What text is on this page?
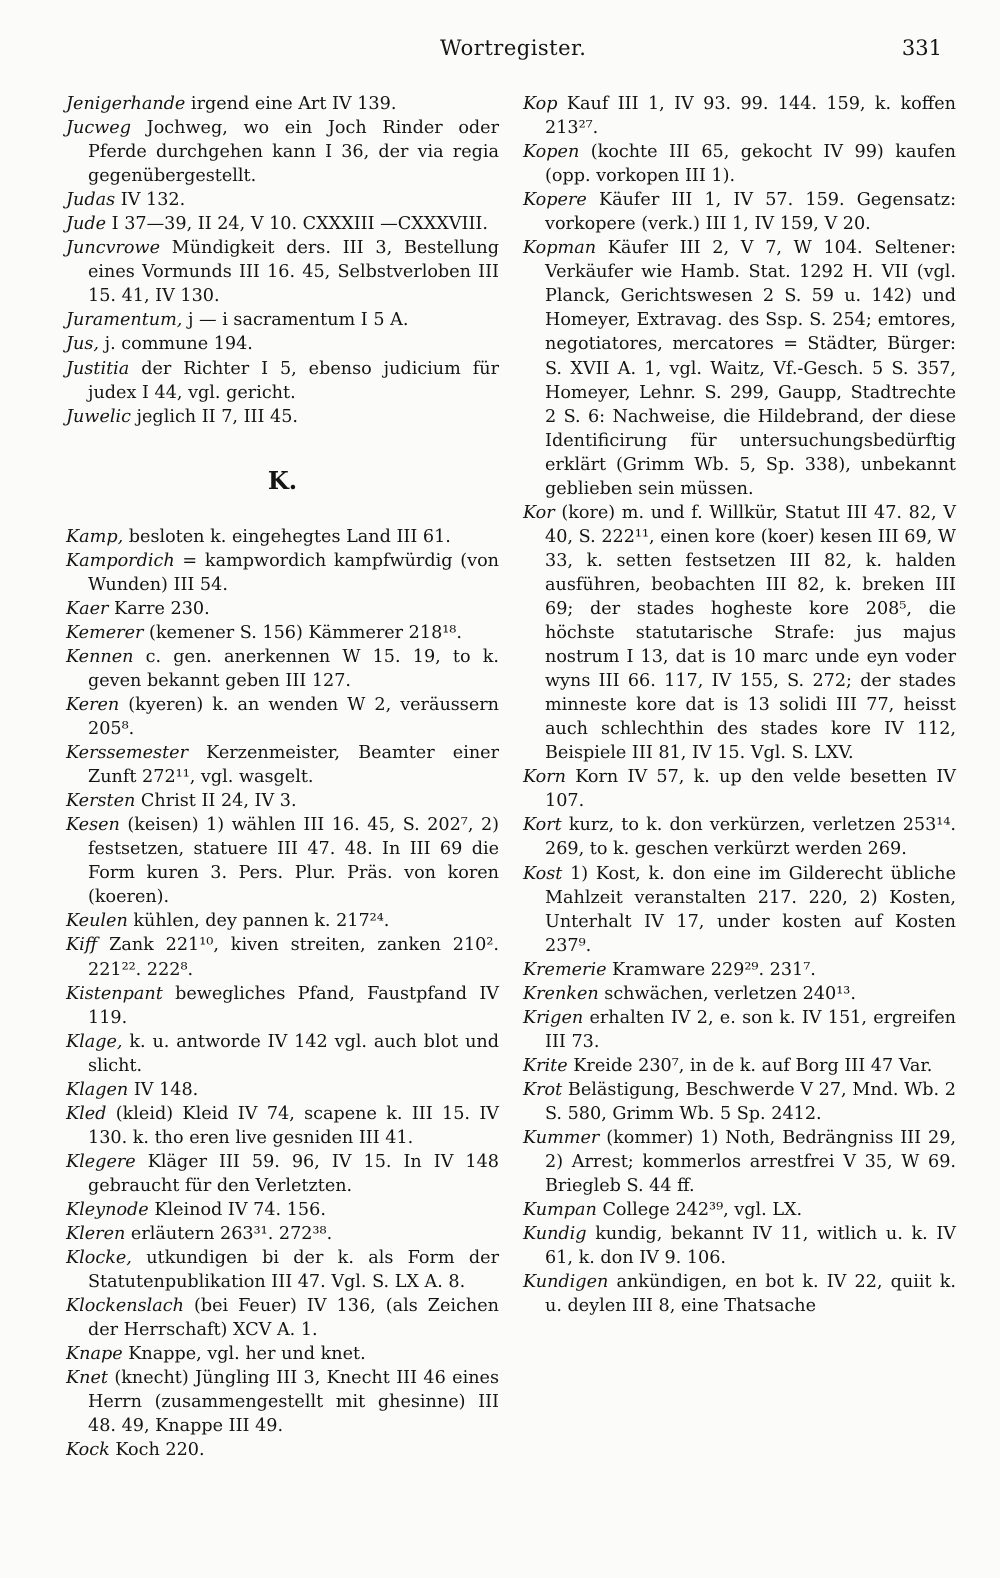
Wortregister.	331

Jenigerhande irgend eine Art IV 139.

Jucweg Jochweg, wo ein Joch Rinder oder Pferde durchgehen kann I 36, der via regia gegenübergestellt.

Judas IV 132.

Jude I 37—39, II 24, V 10. CXXXIII —CXXXVIII.

Juncvrowe Mündigkeit ders. III 3, Bestellung eines Vormunds III 16. 45, Selbstverloben III 15. 41, IV 130.

Juramentum, j — i sacramentum I 5 A.

Jus, j. commune 194.

Justitia der Richter I 5, ebenso judicium für judex I 44, vgl. gericht.

Juwelic jeglich II 7, III 45.

K.

Kamp, besloten k. eingehegtes Land III 61.

Kampordich = kampwordich kampfwürdig (von Wunden) III 54.

Kaer Karre 230.

Kemerer (kemener S. 156) Kämmerer 218¹⁸.

Kennen c. gen. anerkennen W 15. 19, to k. geven bekannt geben III 127.

Keren (kyeren) k. an wenden W 2, veräussern 205⁸.

Kerssemester Kerzenmeister, Beamter einer Zunft 272¹¹, vgl. wasgelt.

Kersten Christ II 24, IV 3.

Kesen (keisen) 1) wählen III 16. 45, S. 202⁷, 2) festsetzen, statuere III 47. 48. In III 69 die Form kuren 3. Pers. Plur. Präs. von koren (koeren).

Keulen kühlen, dey pannen k. 217²⁴.

Kiff Zank 221¹⁰, kiven streiten, zanken 210². 221²². 222⁸.

Kistenpant bewegliches Pfand, Faustpfand IV 119.

Klage, k. u. antworde IV 142 vgl. auch blot und slicht.

Klagen IV 148.

Kled (kleid) Kleid IV 74, scapene k. III 15. IV 130. k. tho eren live gesniden III 41.

Klegere Kläger III 59. 96, IV 15. In IV 148 gebraucht für den Verletzten.

Kleynode Kleinod IV 74. 156.

Kleren erläutern 263³¹. 272³⁸.

Klocke, utkundigen bi der k. als Form der Statutenpublikation III 47. Vgl. S. LX A. 8.

Klockenslach (bei Feuer) IV 136, (als Zeichen der Herrschaft) XCV A. 1.

Knape Knappe, vgl. her und knet.

Knet (knecht) Jüngling III 3, Knecht III 46 eines Herrn (zusammengestellt mit ghesinne) III 48. 49, Knappe III 49.

Kock Koch 220.

Kop Kauf III 1, IV 93. 99. 144. 159, k. koffen 213²⁷.

Kopen (kochte III 65, gekocht IV 99) kaufen (opp. vorkopen III 1).

Kopere Käufer III 1, IV 57. 159. Gegensatz: vorkopere (verk.) III 1, IV 159, V 20.

Kopman Käufer III 2, V 7, W 104. Seltener: Verkäufer wie Hamb. Stat. 1292 H. VII (vgl. Planck, Gerichtswesen 2 S. 59 u. 142) und Homeyer, Extravag. des Ssp. S. 254; emtores, negotiatores, mercatores = Städter, Bürger: S. XVII A. 1, vgl. Waitz, Vf.-Gesch. 5 S. 357, Homeyer, Lehnr. S. 299, Gaupp, Stadtrechte 2 S. 6: Nachweise, die Hildebrand, der diese Identificirung für untersuchungsbedürftig erklärt (Grimm Wb. 5, Sp. 338), unbekannt geblieben sein müssen.

Kor (kore) m. und f. Willkür, Statut III 47. 82, V 40, S. 222¹¹, einen kore (koer) kesen III 69, W 33, k. setten festsetzen III 82, k. halden ausführen, beobachten III 82, k. breken III 69; der stades hogheste kore 208⁵, die höchste statutarische Strafe: jus majus nostrum I 13, dat is 10 marc unde eyn voder wyns III 66. 117, IV 155, S. 272; der stades minneste kore dat is 13 solidi III 77, heisst auch schlechthin des stades kore IV 112, Beispiele III 81, IV 15. Vgl. S. LXV.

Korn Korn IV 57, k. up den velde besetten IV 107.

Kort kurz, to k. don verkürzen, verletzen 253¹⁴. 269, to k. geschen verkürzt werden 269.

Kost 1) Kost, k. don eine im Gilderecht übliche Mahlzeit veranstalten 217. 220, 2) Kosten, Unterhalt IV 17, under kosten auf Kosten 237⁹.

Kremerie Kramware 229²⁹. 231⁷.

Krenken schwächen, verletzen 240¹³.

Krigen erhalten IV 2, e. son k. IV 151, ergreifen III 73.

Krite Kreide 230⁷, in de k. auf Borg III 47 Var.

Krot Belästigung, Beschwerde V 27, Mnd. Wb. 2 S. 580, Grimm Wb. 5 Sp. 2412.

Kummer (kommer) 1) Noth, Bedrängniss III 29, 2) Arrest; kommerlos arrestfrei V 35, W 69. Briegleb S. 44 ff.

Kumpan College 242³⁹, vgl. LX.

Kundig kundig, bekannt IV 11, witlich u. k. IV 61, k. don IV 9. 106.

Kundigen ankündigen, en bot k. IV 22, quiit k. u. deylen III 8, eine Thatsache
